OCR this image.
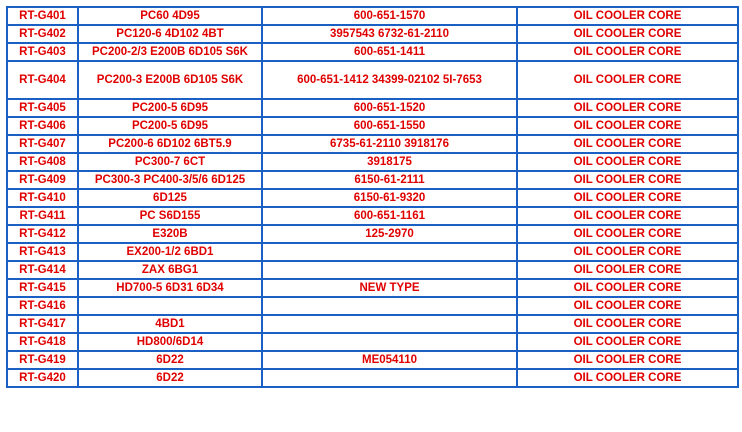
RT-G401	PC60 4D95	600-651-1570	OIL COOLER CORE
RT-G402	PC120-6 4D102 4BT	3957543 6732-61-2110	OIL COOLER CORE
RT-G403	PC200-2/3 E200B 6D105 S6K	600-651-1411	OIL COOLER CORE
RT-G404	PC200-3 E200B 6D105 S6K	600-651-1412 34399-02102 5I-7653	OIL COOLER CORE
RT-G405	PC200-5 6D95	600-651-1520	OIL COOLER CORE
RT-G406	PC200-5 6D95	600-651-1550	OIL COOLER CORE
RT-G407	PC200-6 6D102 6BT5.9	6735-61-2110 3918176	OIL COOLER CORE
RT-G408	PC300-7 6CT	3918175	OIL COOLER CORE
RT-G409	PC300-3 PC400-3/5/6 6D125	6150-61-2111	OIL COOLER CORE
RT-G410	6D125	6150-61-9320	OIL COOLER CORE
RT-G411	PC S6D155	600-651-1161	OIL COOLER CORE
RT-G412	E320B	125-2970	OIL COOLER CORE
RT-G413	EX200-1/2 6BD1		OIL COOLER CORE
RT-G414	ZAX 6BG1		OIL COOLER CORE
RT-G415	HD700-5 6D31 6D34	NEW TYPE	OIL COOLER CORE
RT-G416			OIL COOLER CORE
RT-G417	4BD1		OIL COOLER CORE
RT-G418	HD800/6D14		OIL COOLER CORE
RT-G419	6D22	ME054110	OIL COOLER CORE
RT-G420	6D22		OIL COOLER CORE
